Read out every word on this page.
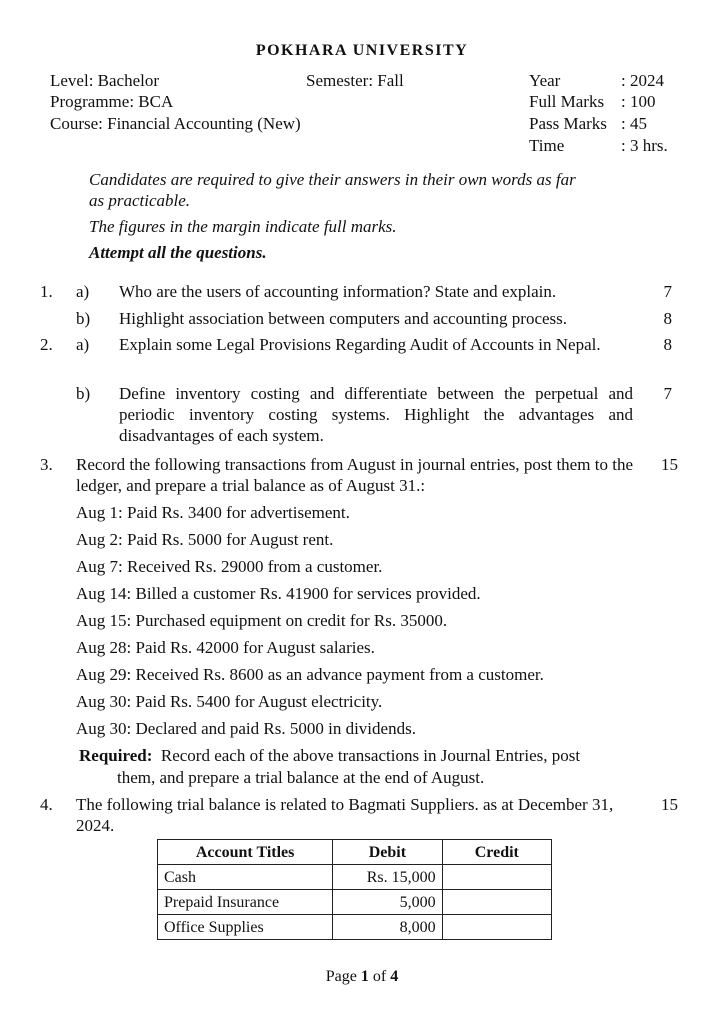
POKHARA UNIVERSITY
Level: Bachelor	Semester: Fall
Programme: BCA
Course: Financial Accounting (New)
Year	: 2024
Full Marks : 100
Pass Marks : 45
Time	: 3 hrs.
Candidates are required to give their answers in their own words as far
as practicable.
The figures in the margin indicate full marks.
Attempt all the questions.
1. a) Who are the users of accounting information? State and explain.	7
b) Highlight association between computers and accounting process.	8
2. a) Explain some Legal Provisions Regarding Audit of Accounts in Nepal.	8
b) Define inventory costing and differentiate between the perpetual and periodic inventory costing systems. Highlight the advantages and disadvantages of each system.
7
3. Record the following transactions from August in journal entries, post them to the ledger, and prepare a trial balance as of August 31.:
15
Aug 1: Paid Rs. 3400 for advertisement.
Aug 2: Paid Rs. 5000 for August rent.
Aug 7: Received Rs. 29000 from a customer.
Aug 14: Billed a customer Rs. 41900 for services provided.
Aug 15: Purchased equipment on credit for Rs. 35000.
Aug 28: Paid Rs. 42000 for August salaries.
Aug 29: Received Rs. 8600 as an advance payment from a customer.
Aug 30: Paid Rs. 5400 for August electricity.
Aug 30: Declared and paid Rs. 5000 in dividends.
Required: Record each of the above transactions in Journal Entries, post
them, and prepare a trial balance at the end of August.
4. The following trial balance is related to Bagmati Suppliers. as at December 31, 2024.
15
Account Titles	Debit	Credit
Cash	Rs. 15,000	
Prepaid Insurance	5,000	
Office Supplies	8,000	
Page 1 of 4
